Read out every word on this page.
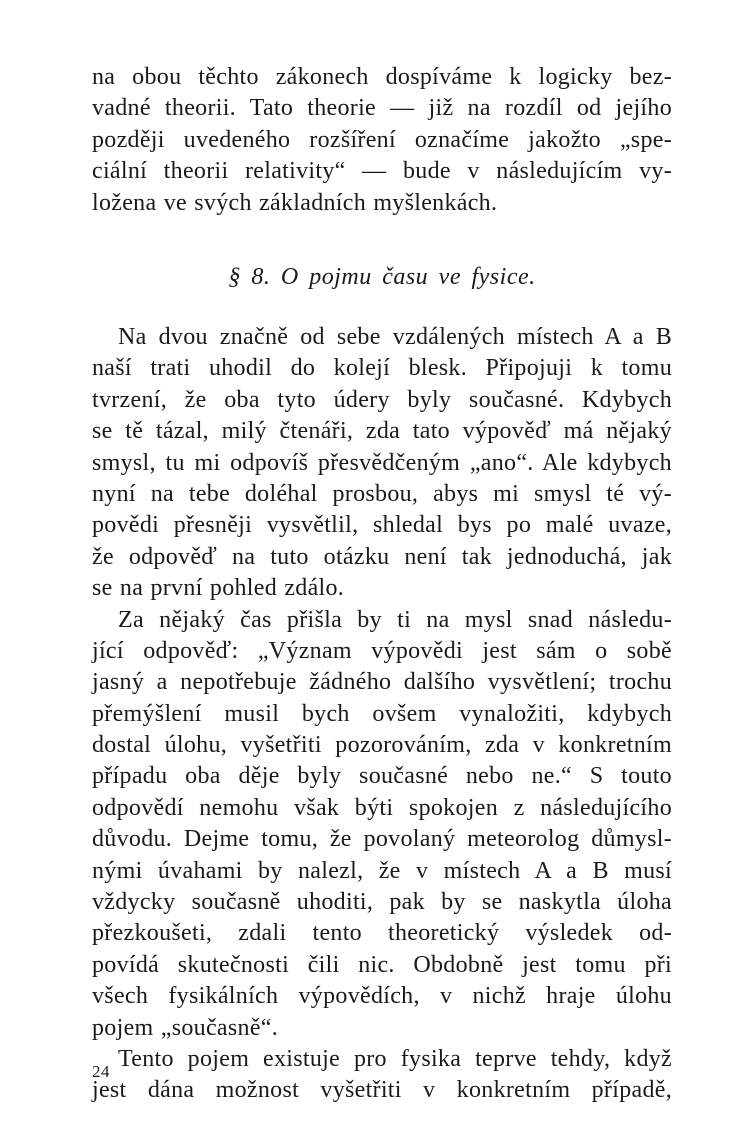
na obou těchto zákonech dospíváme k logicky bez-
vadné theorii. Tato theorie — již na rozdíl od jejího
později uvedeného rozšíření označíme jakožto „spe-
ciální theorii relativity“ — bude v následujícím vy-
ložena ve svých základních myšlenkách.
§ 8. O pojmu času ve fysice.
Na dvou značně od sebe vzdálených místech A a B
naší trati uhodil do kolejí blesk. Připojuji k tomu
tvrzení, že oba tyto údery byly současné. Kdybych
se tě tázal, milý čtenáři, zda tato výpověď má nějaký
smysl, tu mi odpovíš přesvědčeným „ano“. Ale kdybych
nyní na tebe doléhal prosbou, abys mi smysl té vý-
povědi přesněji vysvětlil, shledal bys po malé uvaze,
že odpověď na tuto otázku není tak jednoduchá, jak
se na první pohled zdálo.
Za nějaký čas přišla by ti na mysl snad následu-
jící odpověď: „Význam výpovědi jest sám o sobě
jasný a nepotřebuje žádného dalšího vysvětlení; trochu
přemýšlení musil bych ovšem vynaložiti, kdybych
dostal úlohu, vyšetřiti pozorováním, zda v konkretním
případu oba děje byly současné nebo ne.“ S touto
odpovědí nemohu však býti spokojen z následujícího
důvodu. Dejme tomu, že povolaný meteorolog důmysl-
nými úvahami by nalezl, že v místech A a B musí
vždycky současně uhoditi, pak by se naskytla úloha
přezkoušeti, zdali tento theoretický výsledek od-
povídá skutečnosti čili nic. Obdobně jest tomu při
všech fysikálních výpovědích, v nichž hraje úlohu
pojem „současně“.
Tento pojem existuje pro fysika teprve tehdy, když
jest dána možnost vyšetřiti v konkretním případě,
24
